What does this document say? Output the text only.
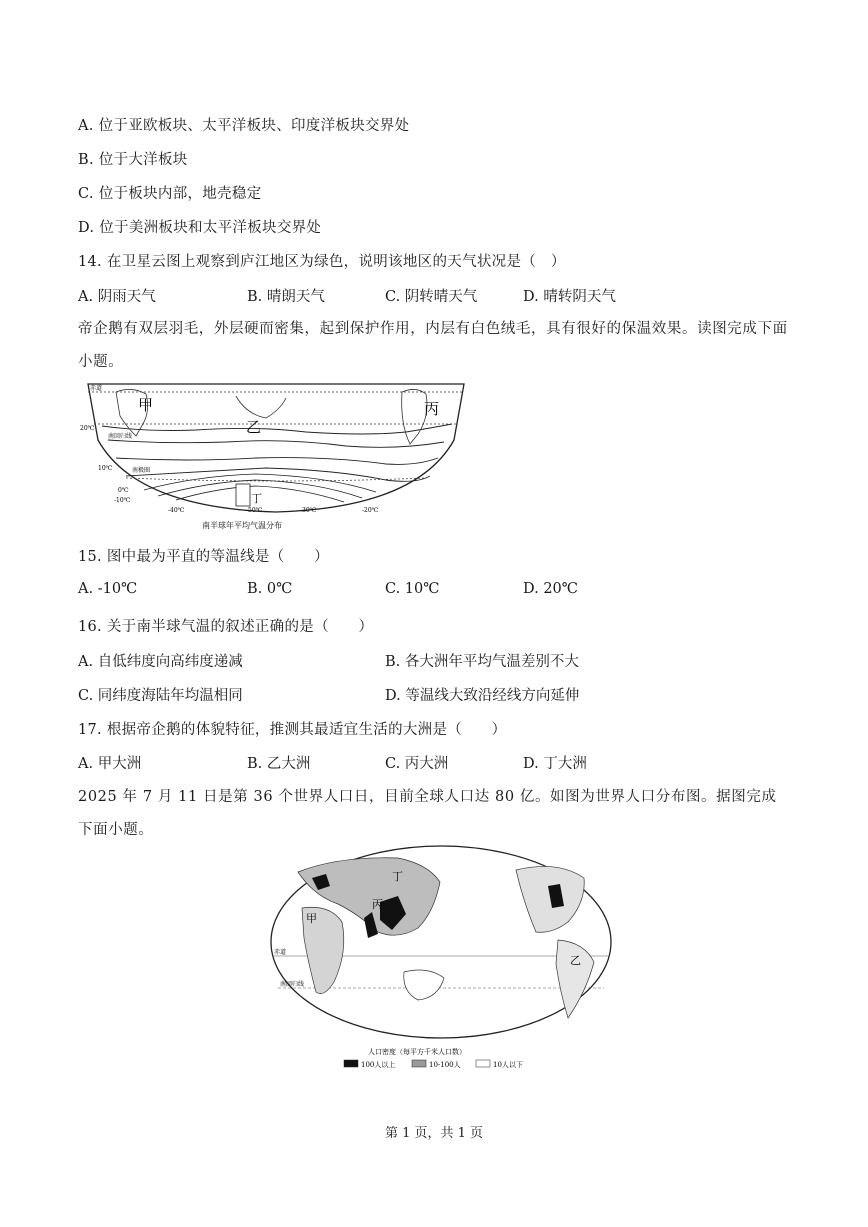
A. 位于亚欧板块、太平洋板块、印度洋板块交界处
B. 位于大洋板块
C. 位于板块内部，地壳稳定
D. 位于美洲板块和太平洋板块交界处
14. 在卫星云图上观察到庐江地区为绿色，说明该地区的天气状况是（　）
A. 阴雨天气	B. 晴朗天气	C. 阴转晴天气	D. 晴转阴天气
帝企鹅有双层羽毛，外层硬而密集，起到保护作用，内层有白色绒毛，具有很好的保温效果。读图完成下面小题。
赤道
20℃
南回归线
10℃	南极圈
0℃
-10℃
-40℃	-50℃	-30℃	-20℃
甲
乙
丙
丁
南半球年平均气温分布
15. 图中最为平直的等温线是（　　）
A. -10℃	B. 0℃	C. 10℃	D. 20℃
16. 关于南半球气温的叙述正确的是（　　）
A. 自低纬度向高纬度递减	B. 各大洲年平均气温差别不大
C. 同纬度海陆年均温相同	D. 等温线大致沿经线方向延伸
17. 根据帝企鹅的体貌特征，推测其最适宜生活的大洲是（　　）
A. 甲大洲	B. 乙大洲	C. 丙大洲	D. 丁大洲
2025 年 7 月 11 日是第 36 个世界人口日，目前全球人口达 80 亿。如图为世界人口分布图。据图完成下面小题。
丁
甲
丙
乙
赤道
南回归线
人口密度（每平方千米人口数）
100人以上	10-100人	10人以下
第 1 页，共 1 页
